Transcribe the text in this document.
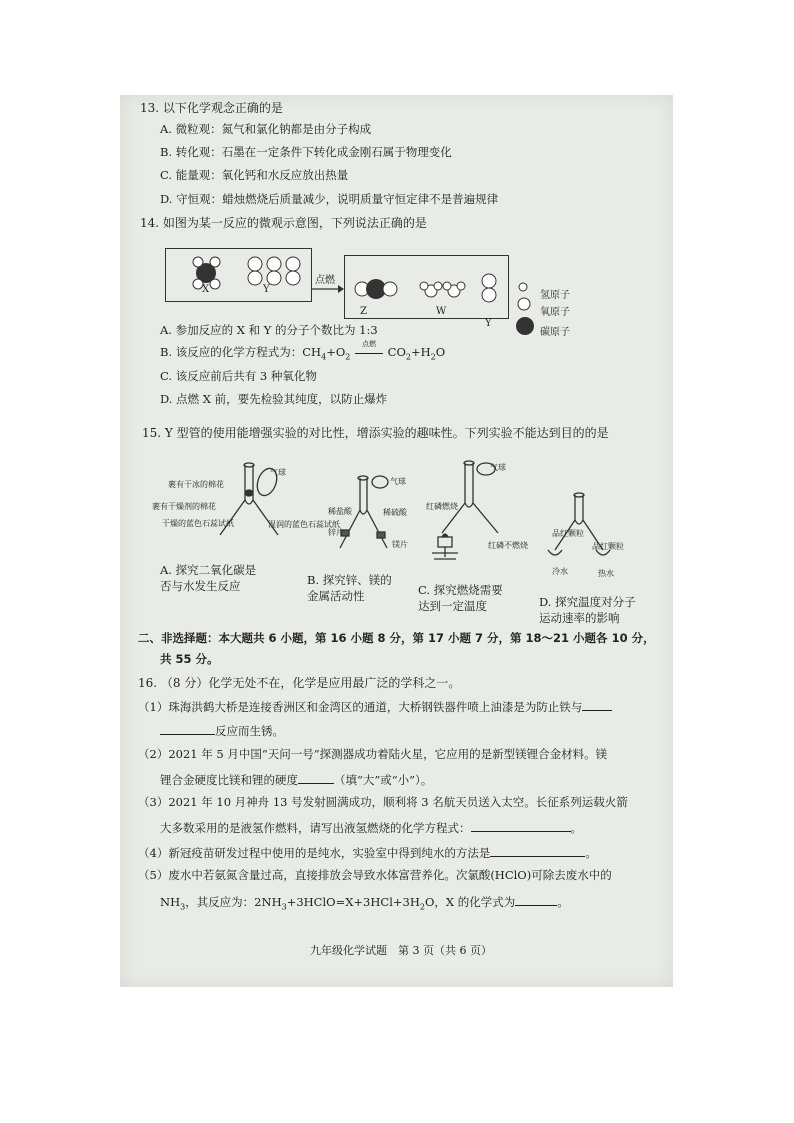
13. 以下化学观念正确的是
A. 微粒观：氮气和氯化钠都是由分子构成
B. 转化观：石墨在一定条件下转化成金刚石属于物理变化
C. 能量观：氧化钙和水反应放出热量
D. 守恒观：蜡烛燃烧后质量减少，说明质量守恒定律不是普遍规律
14. 如图为某一反应的微观示意图，下列说法正确的是
X	Y
点燃
Z	W
Y
氢原子
氧原子
碳原子
A. 参加反应的 X 和 Y 的分子个数比为 1:3
B. 该反应的化学方程式为：$CH_4+O_2$
点燃
$CO_2+H_2O$
C. 该反应前后共有 3 种氧化物
D. 点燃 X 前，要先检验其纯度，以防止爆炸
15. Y 型管的使用能增强实验的对比性，增添实验的趣味性。下列实验不能达到目的的是
裹有干冰的棉花
裹有干燥剂的棉花
干燥的蓝色石蕊试纸	湿润的蓝色石蕊试纸
气球
气球
稀盐酸	稀硫酸
锌片
镁片
气球
红磷燃烧
红磷不燃烧
品红颗粒
品红颗粒
冷水	热水
A. 探究二氧化碳是
否与水发生反应	B. 探究锌、镁的
金属活动性	C. 探究燃烧需要
达到一定温度	D. 探究温度对分子
运动速率的影响
二、非选择题：本大题共 6 小题，第 16 小题 8 分，第 17 小题 7 分，第 18～21 小题各 10 分，
共 55 分。
16. （8 分）化学无处不在，化学是应用最广泛的学科之一。
（1）珠海洪鹤大桥是连接香洲区和金湾区的通道，大桥钢铁器件喷上油漆是为防止铁与
反应而生锈。
（2）2021 年 5 月中国“天问一号”探测器成功着陆火星，它应用的是新型镁锂合金材料。镁
锂合金硬度比镁和锂的硬度	（填“大”或“小”）。
（3）2021 年 10 月神舟 13 号发射圆满成功，顺利将 3 名航天员送入太空。长征系列运载火箭
大多数采用的是液氢作燃料，请写出液氢燃烧的化学方程式：	。
（4）新冠疫苗研发过程中使用的是纯水，实验室中得到纯水的方法是	。
（5）废水中若氨氮含量过高，直接排放会导致水体富营养化。次氯酸(HClO)可除去废水中的
$NH_3$，其反应为：$2NH_3+3HClO=X+3HCl+3H_2O$，X 的化学式为	。
九年级化学试题　第 3 页（共 6 页）
